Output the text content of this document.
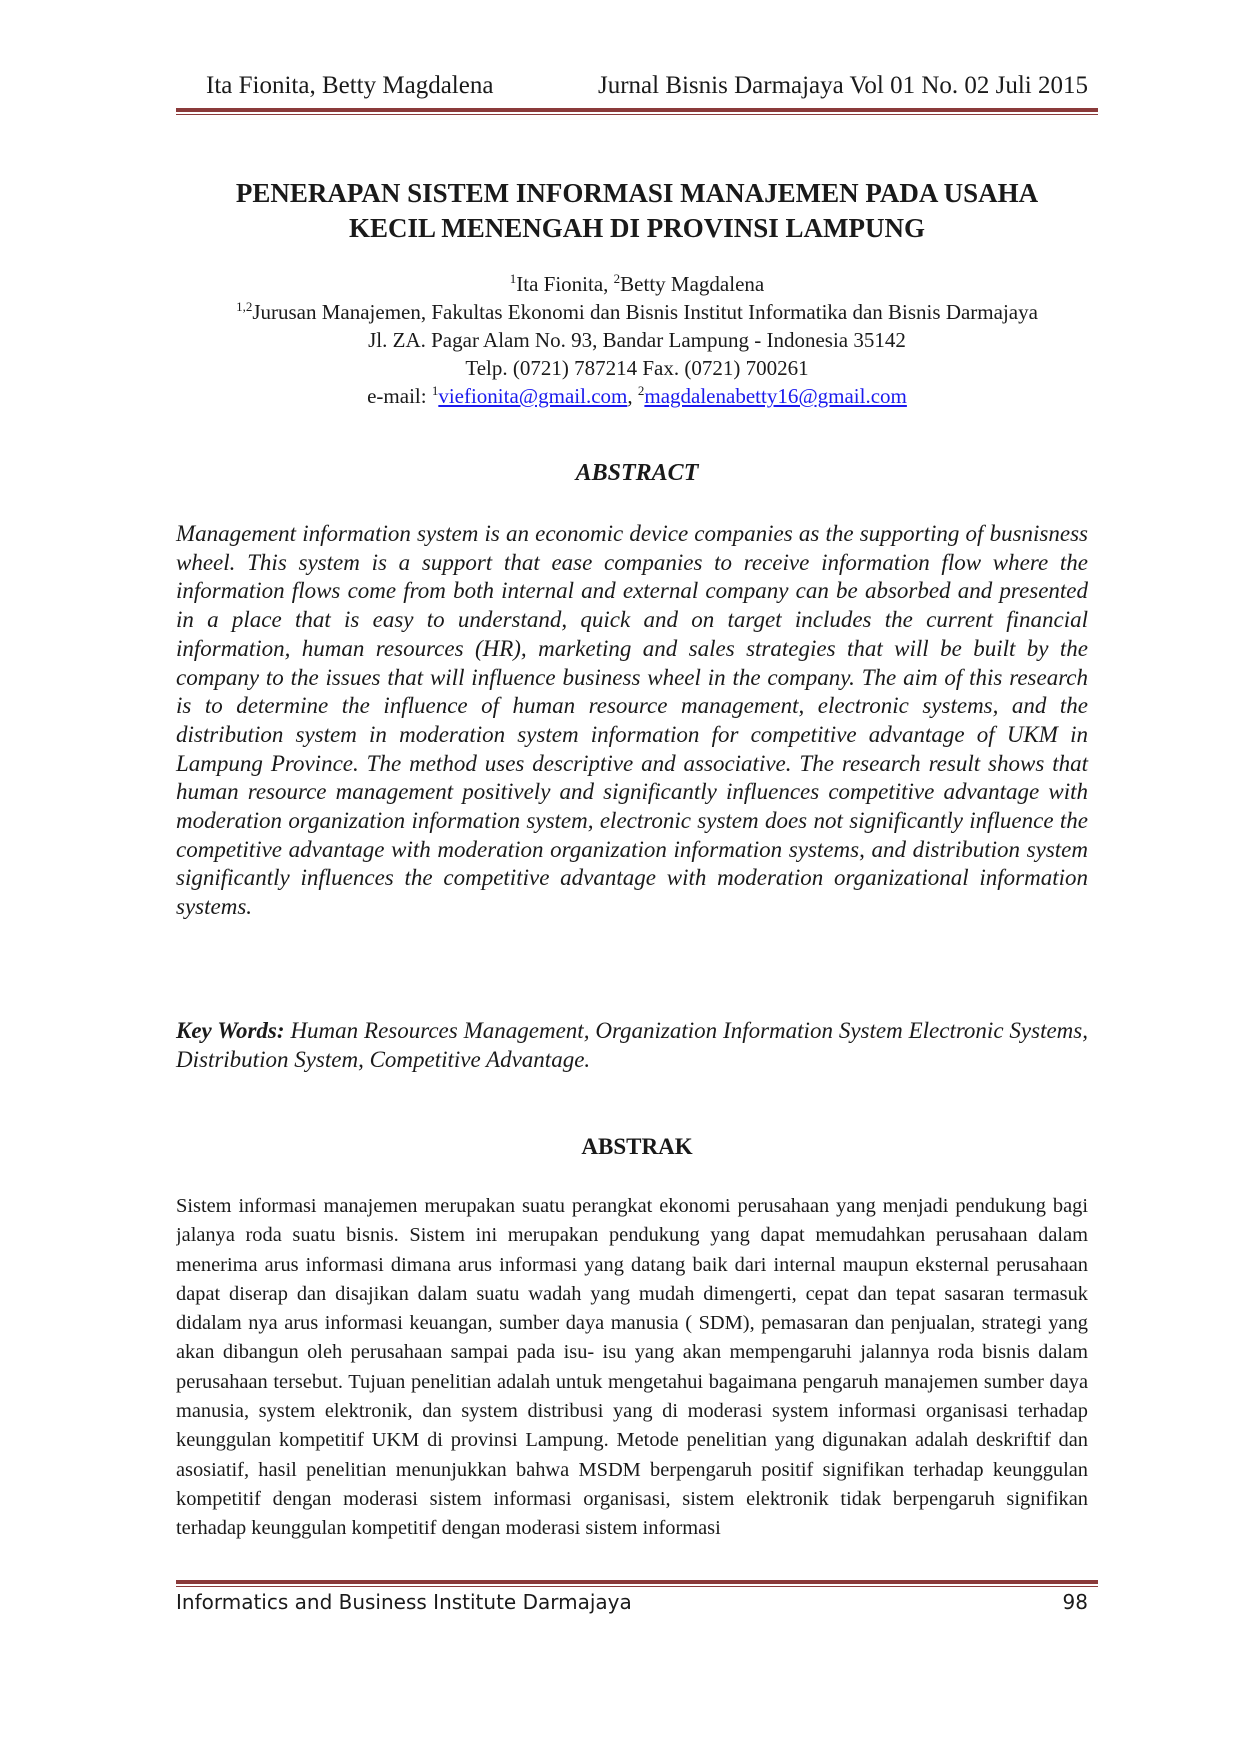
Ita Fionita, Betty Magdalena	Jurnal Bisnis Darmajaya Vol 01 No. 02 Juli 2015
PENERAPAN SISTEM INFORMASI MANAJEMEN PADA USAHA
KECIL MENENGAH DI PROVINSI LAMPUNG
$^1$Ita Fionita, $^2$Betty Magdalena
$^{1,2}$Jurusan Manajemen, Fakultas Ekonomi dan Bisnis Institut Informatika dan Bisnis Darmajaya
Jl. ZA. Pagar Alam No. 93, Bandar Lampung - Indonesia 35142
Telp. (0721) 787214 Fax. (0721) 700261
e-mail: $^1$viefionita@gmail.com, $^2$magdalenabetty16@gmail.com
ABSTRACT
Management information system is an economic device companies as the supporting of busnisness wheel. This system is a support that ease companies to receive information flow where the information flows come from both internal and external company can be absorbed and presented in a place that is easy to understand, quick and on target includes the current financial information, human resources (HR), marketing and sales strategies that will be built by the company to the issues that will influence business wheel in the company. The aim of this research is to determine the influence of human resource management, electronic systems, and the distribution system in moderation system information for competitive advantage of UKM in Lampung Province. The method uses descriptive and associative. The research result shows that human resource management positively and significantly influences competitive advantage with moderation organization information system, electronic system does not significantly influence the competitive advantage with moderation organization information systems, and distribution system significantly influences the competitive advantage with moderation organizational information systems.
Key Words: Human Resources Management, Organization Information System Electronic Systems, Distribution System, Competitive Advantage.
ABSTRAK
Sistem informasi manajemen merupakan suatu perangkat ekonomi perusahaan yang menjadi pendukung bagi jalanya roda suatu bisnis. Sistem ini merupakan pendukung yang dapat memudahkan perusahaan dalam menerima arus informasi dimana arus informasi yang datang baik dari internal maupun eksternal perusahaan dapat diserap dan disajikan dalam suatu wadah yang mudah dimengerti, cepat dan tepat sasaran termasuk didalam nya arus informasi keuangan, sumber daya manusia ( SDM), pemasaran dan penjualan, strategi yang akan dibangun oleh perusahaan sampai pada isu- isu yang akan mempengaruhi jalannya roda bisnis dalam perusahaan tersebut. Tujuan penelitian adalah untuk mengetahui bagaimana pengaruh manajemen sumber daya manusia, system elektronik, dan system distribusi yang di moderasi system informasi organisasi terhadap keunggulan kompetitif UKM di provinsi Lampung. Metode penelitian yang digunakan adalah deskriftif dan asosiatif, hasil penelitian menunjukkan bahwa MSDM berpengaruh positif signifikan terhadap keunggulan kompetitif dengan moderasi sistem informasi organisasi, sistem elektronik tidak berpengaruh signifikan terhadap keunggulan kompetitif dengan moderasi sistem informasi
Informatics and Business Institute Darmajaya	98
